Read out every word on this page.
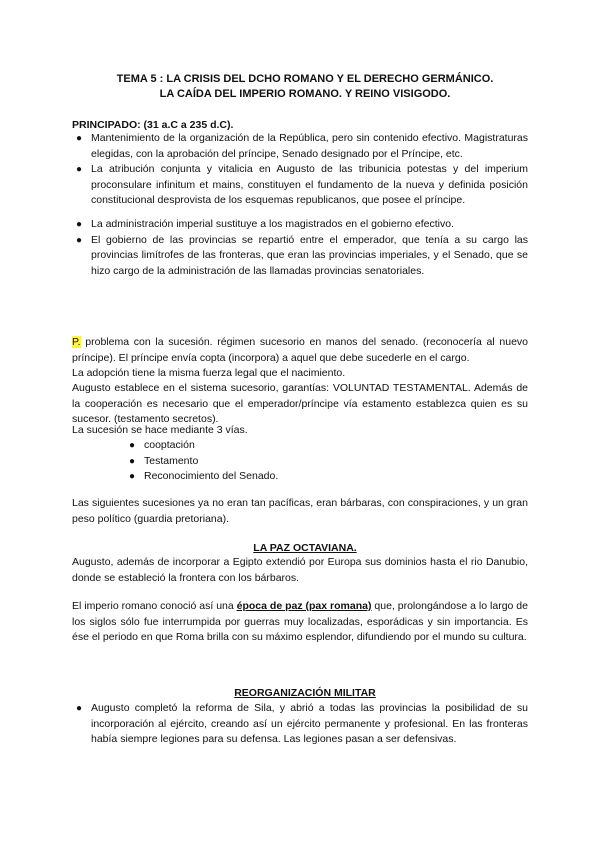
TEMA 5 : LA CRISIS DEL DCHO ROMANO Y EL DERECHO GERMÁNICO.
LA CAÍDA DEL IMPERIO ROMANO. Y REINO VISIGODO.
PRINCIPADO: (31 a.C a 235 d.C).
● Mantenimiento de la organización de la República, pero sin contenido efectivo. Magistraturas elegidas, con la aprobación del príncipe, Senado designado por el Príncipe, etc.
● La atribución conjunta y vitalicia en Augusto de las tribunicia potestas y del imperium proconsulare infinitum et mains, constituyen el fundamento de la nueva y definida posición constitucional desprovista de los esquemas republicanos, que posee el príncipe.
● La administración imperial sustituye a los magistrados en el gobierno efectivo.
● El gobierno de las provincias se repartió entre el emperador, que tenía a su cargo las provincias limítrofes de las fronteras, que eran las provincias imperiales, y el Senado, que se hizo cargo de la administración de las llamadas provincias senatoriales.
P. problema con la sucesión. régimen sucesorio en manos del senado. (reconocería al nuevo príncipe). El príncipe envía copta (incorpora) a aquel que debe sucederle en el cargo.
La adopción tiene la misma fuerza legal que el nacimiento.
Augusto establece en el sistema sucesorio, garantías: VOLUNTAD TESTAMENTAL. Además de la cooperación es necesario que el emperador/príncipe vía estamento establezca quien es su sucesor. (testamento secretos).
La sucesión se hace mediante 3 vías.
● cooptación
● Testamento
● Reconocimiento del Senado.
Las siguientes sucesiones ya no eran tan pacíficas, eran bárbaras, con conspiraciones, y un gran peso político (guardia pretoriana).
LA PAZ OCTAVIANA.
Augusto, además de incorporar a Egipto extendió por Europa sus dominios hasta el rio Danubio, donde se estableció la frontera con los bárbaros.
El imperio romano conoció así una época de paz (pax romana) que, prolongándose a lo largo de los siglos sólo fue interrumpida por guerras muy localizadas, esporádicas y sin importancia. Es ése el periodo en que Roma brilla con su máximo esplendor, difundiendo por el mundo su cultura.
REORGANIZACIÓN MILITAR
● Augusto completó la reforma de Sila, y abrió a todas las provincias la posibilidad de su incorporación al ejército, creando así un ejército permanente y profesional. En las fronteras había siempre legiones para su defensa. Las legiones pasan a ser defensivas.
